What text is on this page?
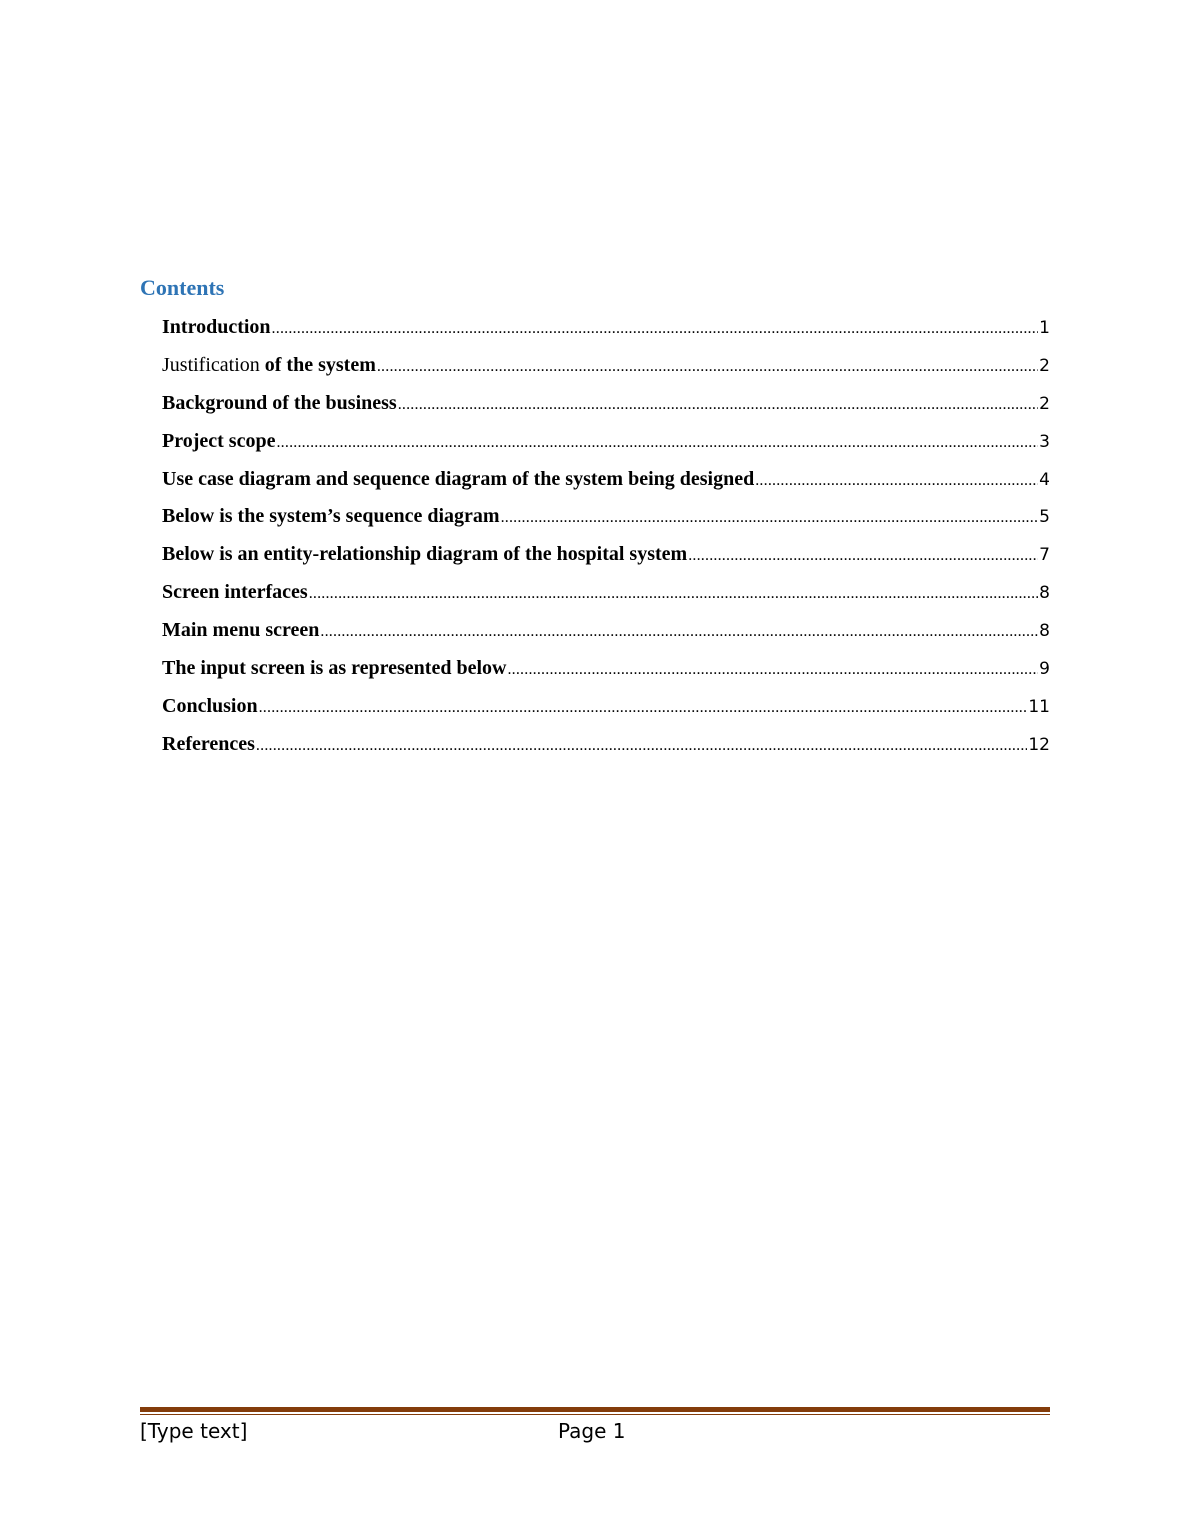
Contents
Introduction .....	1
Justification of the system .....	2
Background of the business .....	2
Project scope .....	3
Use case diagram and sequence diagram of the system being designed .....	4
Below is the system’s sequence diagram .....	5
Below is an entity-relationship diagram of the hospital system .....	7
Screen interfaces .....	8
Main menu screen .....	8
The input screen is as represented below .....	9
Conclusion .....	11
References .....	12
[Type text]	Page 1
